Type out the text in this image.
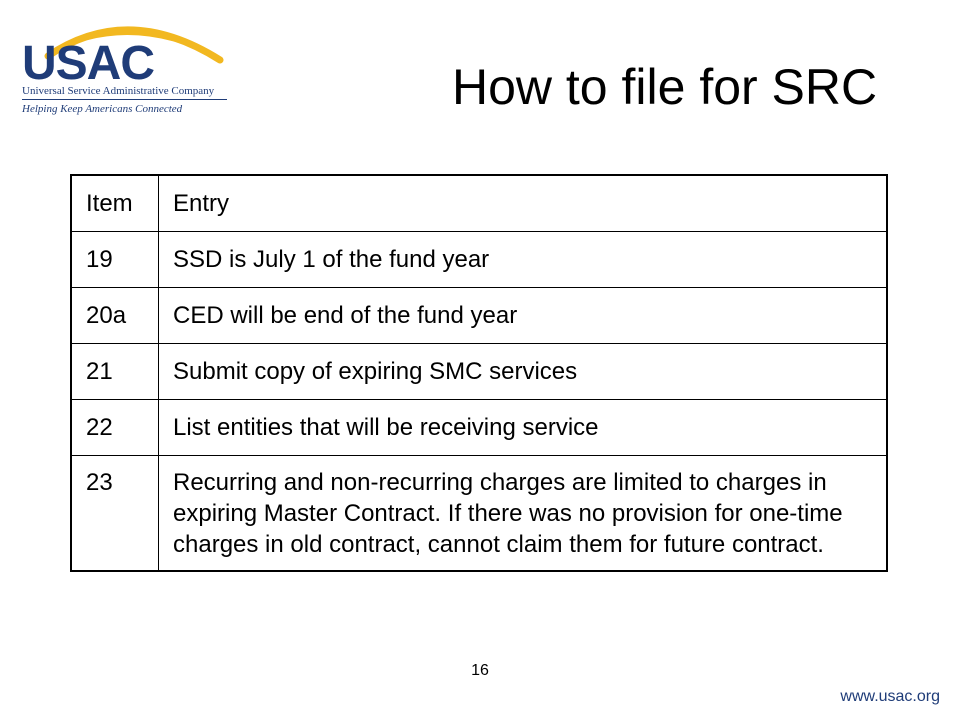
USAC
Universal Service Administrative Company
Helping Keep Americans Connected	How to file for SRC
Item	Entry
19	SSD is July 1 of the fund year
20a	CED will be end of the fund year
21	Submit copy of expiring SMC services
22	List entities that will be receiving service
23	Recurring and non-recurring charges are limited to charges in expiring Master Contract. If there was no provision for one-time charges in old contract, cannot claim them for future contract.
16
www.usac.org
